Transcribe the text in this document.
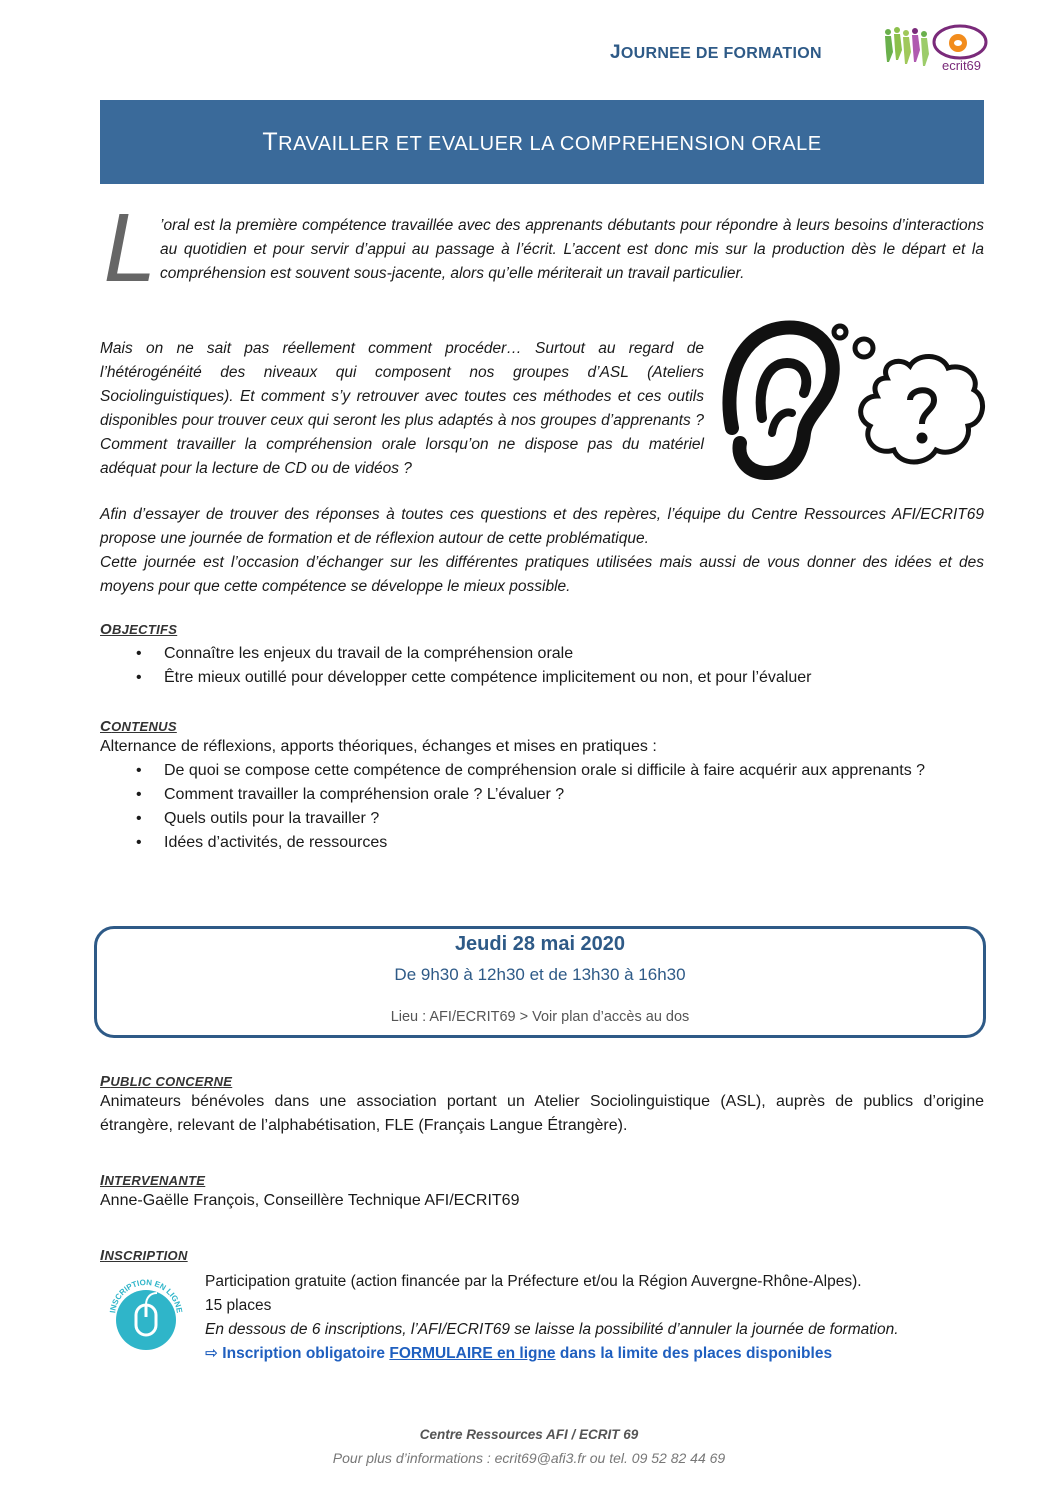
JOURNEE DE FORMATION
ecrit69
TRAVAILLER ET EVALUER LA COMPREHENSION ORALE
L ’oral est la première compétence travaillée avec des apprenants débutants pour répondre à leurs besoins d’interactions au quotidien et pour servir d’appui au passage à l’écrit. L’accent est donc mis sur la production dès le départ et la compréhension est souvent sous-jacente, alors qu’elle mériterait un travail particulier.
Mais on ne sait pas réellement comment procéder… Surtout au regard de l’hétérogénéité des niveaux qui composent nos groupes d’ASL (Ateliers Sociolinguistiques). Et comment s’y retrouver avec toutes ces méthodes et ces outils disponibles pour trouver ceux qui seront les plus adaptés à nos groupes d’apprenants ? Comment travailler la compréhension orale lorsqu’on ne dispose pas du matériel adéquat pour la lecture de CD ou de vidéos ?
Afin d’essayer de trouver des réponses à toutes ces questions et des repères, l’équipe du Centre Ressources AFI/ECRIT69 propose une journée de formation et de réflexion autour de cette problématique.
Cette journée est l’occasion d’échanger sur les différentes pratiques utilisées mais aussi de vous donner des idées et des moyens pour que cette compétence se développe le mieux possible.
OBJECTIFS
• Connaître les enjeux du travail de la compréhension orale
• Être mieux outillé pour développer cette compétence implicitement ou non, et pour l’évaluer
CONTENUS
Alternance de réflexions, apports théoriques, échanges et mises en pratiques :
• De quoi se compose cette compétence de compréhension orale si difficile à faire acquérir aux apprenants ?
• Comment travailler la compréhension orale ? L’évaluer ?
• Quels outils pour la travailler ?
• Idées d’activités, de ressources
Jeudi 28 mai 2020
De 9h30 à 12h30 et de 13h30 à 16h30
Lieu : AFI/ECRIT69 > Voir plan d’accès au dos
PUBLIC CONCERNE
Animateurs bénévoles dans une association portant un Atelier Sociolinguistique (ASL), auprès de publics d’origine étrangère, relevant de l’alphabétisation, FLE (Français Langue Étrangère).
INTERVENANTE
Anne-Gaëlle François, Conseillère Technique AFI/ECRIT69
INSCRIPTION
INSCRIPTION EN LIGNE
Participation gratuite (action financée par la Préfecture et/ou la Région Auvergne-Rhône-Alpes).
15 places
En dessous de 6 inscriptions, l’AFI/ECRIT69 se laisse la possibilité d’annuler la journée de formation.
⇨ Inscription obligatoire FORMULAIRE en ligne dans la limite des places disponibles
Centre Ressources AFI / ECRIT 69
Pour plus d’informations : ecrit69@afi3.fr ou tel. 09 52 82 44 69
